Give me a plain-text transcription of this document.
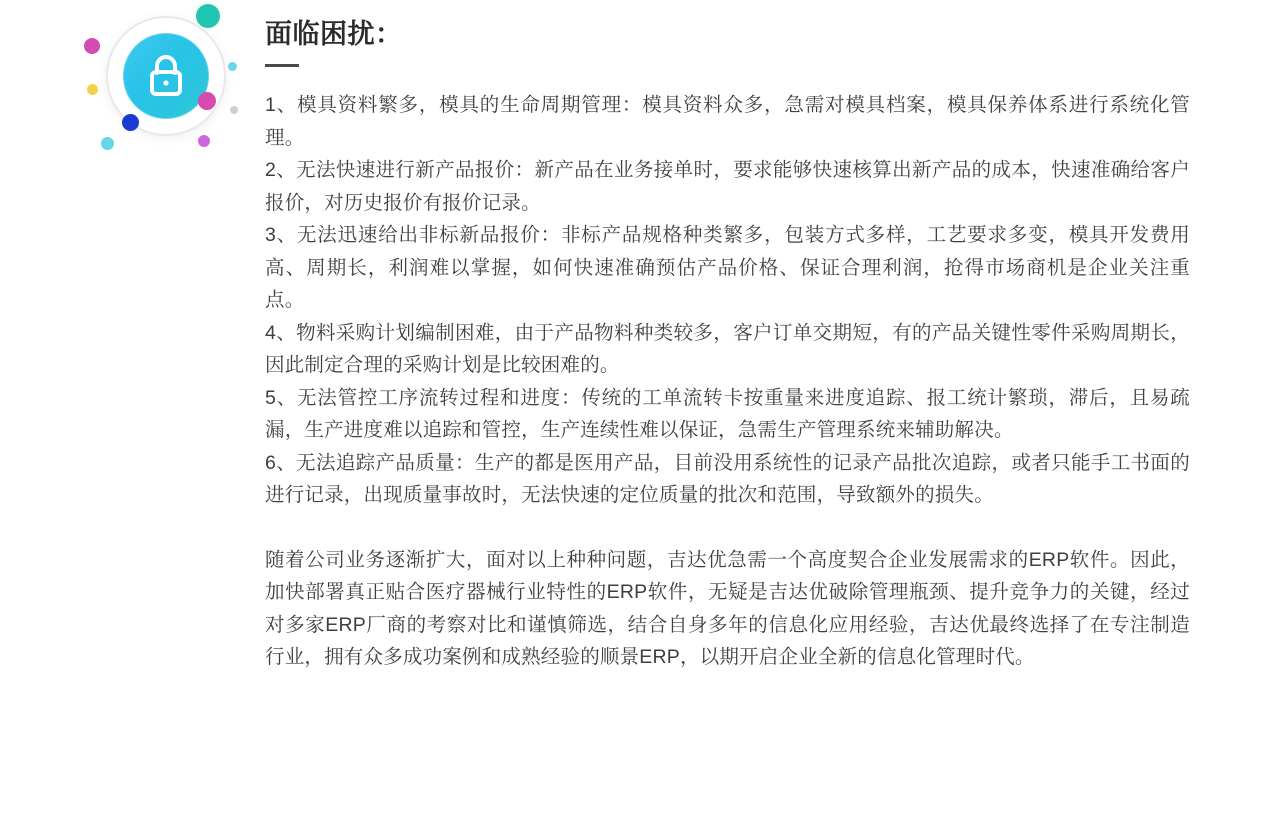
面临困扰：

1、模具资料繁多，模具的生命周期管理：模具资料众多，急需对模具档案，模具保养体系进行系统化管理。

2、无法快速进行新产品报价：新产品在业务接单时，要求能够快速核算出新产品的成本，快速准确给客户报价，对历史报价有报价记录。

3、无法迅速给出非标新品报价：非标产品规格种类繁多，包装方式多样，工艺要求多变，模具开发费用高、周期长，利润难以掌握，如何快速准确预估产品价格、保证合理利润，抢得市场商机是企业关注重点。

4、物料采购计划编制困难，由于产品物料种类较多，客户订单交期短，有的产品关键性零件采购周期长，因此制定合理的采购计划是比较困难的。

5、无法管控工序流转过程和进度：传统的工单流转卡按重量来进度追踪、报工统计繁琐，滞后，且易疏漏，生产进度难以追踪和管控，生产连续性难以保证，急需生产管理系统来辅助解决。

6、无法追踪产品质量：生产的都是医用产品，目前没用系统性的记录产品批次追踪，或者只能手工书面的进行记录，出现质量事故时，无法快速的定位质量的批次和范围，导致额外的损失。

随着公司业务逐渐扩大，面对以上种种问题，吉达优急需一个高度契合企业发展需求的ERP软件。因此，加快部署真正贴合医疗器械行业特性的ERP软件，无疑是吉达优破除管理瓶颈、提升竞争力的关键，经过对多家ERP厂商的考察对比和谨慎筛选，结合自身多年的信息化应用经验，吉达优最终选择了在专注制造行业，拥有众多成功案例和成熟经验的顺景ERP，以期开启企业全新的信息化管理时代。
